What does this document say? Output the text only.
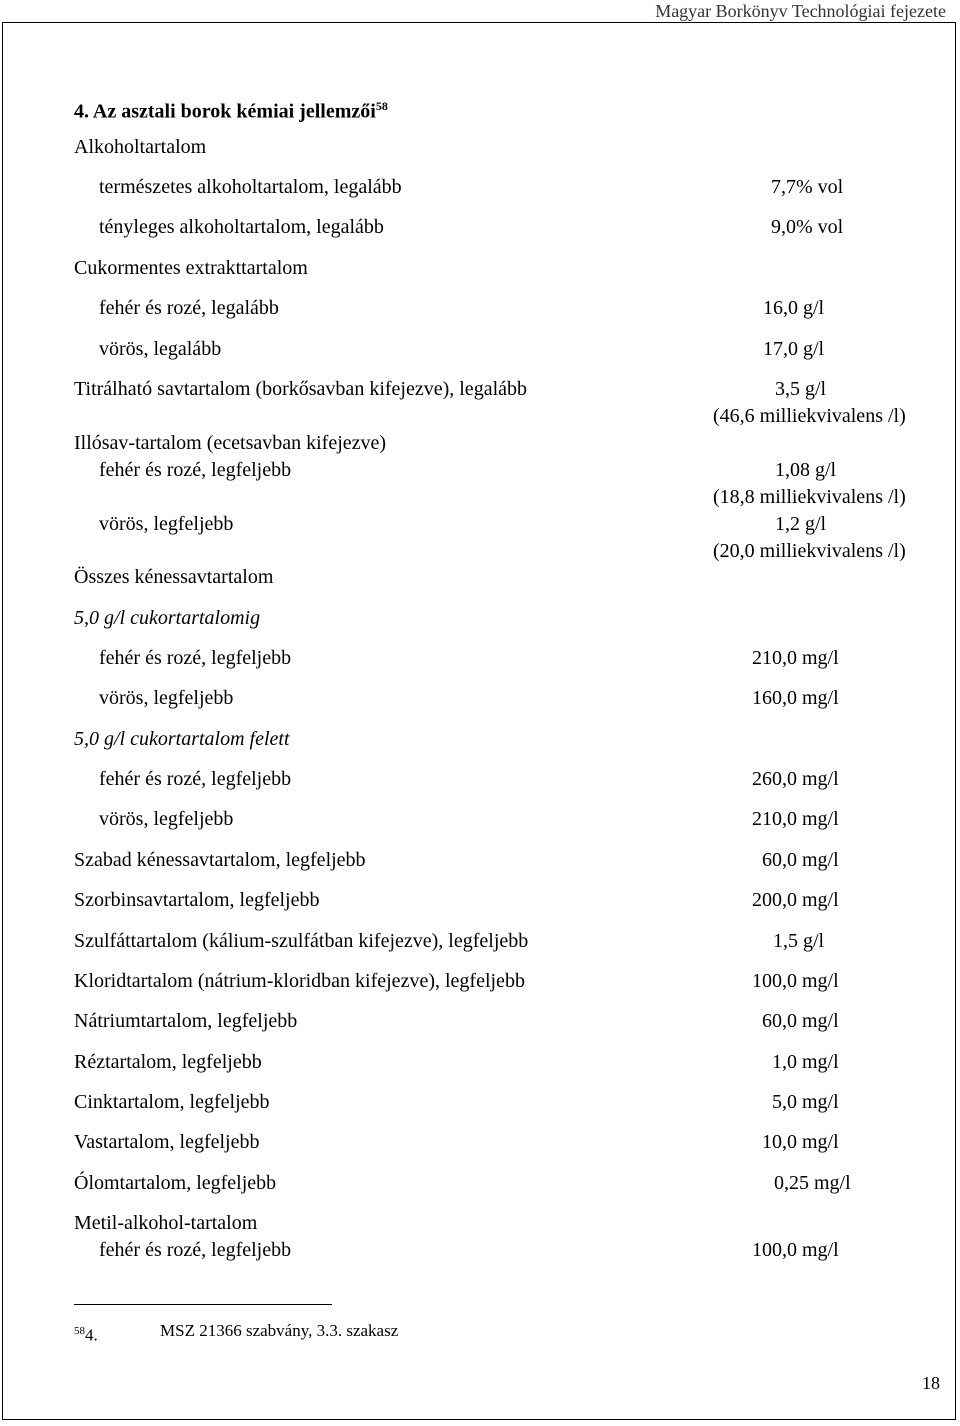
Magyar Borkönyv Technológiai fejezete
4. Az asztali borok kémiai jellemzői$^{58}$
Alkoholtartalom
természetes alkoholtartalom, legalább
tényleges alkoholtartalom, legalább
Cukormentes extrakttartalom
fehér és rozé, legalább
vörös, legalább
Titrálható savtartalom (borkősavban kifejezve), legalább
Illósav-tartalom (ecetsavban kifejezve)
fehér és rozé, legfeljebb
vörös, legfeljebb
Összes kénessavtartalom
5,0 g/l cukortartalomig
fehér és rozé, legfeljebb
vörös, legfeljebb
5,0 g/l cukortartalom felett
fehér és rozé, legfeljebb
vörös, legfeljebb
Szabad kénessavtartalom, legfeljebb
Szorbinsavtartalom, legfeljebb
Szulfáttartalom (kálium-szulfátban kifejezve), legfeljebb
Kloridtartalom (nátrium-kloridban kifejezve), legfeljebb
Nátriumtartalom, legfeljebb
Réztartalom, legfeljebb
Cinktartalom, legfeljebb
Vastartalom, legfeljebb
Ólomtartalom, legfeljebb
Metil-alkohol-tartalom
fehér és rozé, legfeljebb
7,7% vol
9,0% vol
16,0 g/l
17,0 g/l
3,5 g/l
(46,6 milliekvivalens /l)
1,08 g/l
(18,8 milliekvivalens /l)
1,2 g/l
(20,0 milliekvivalens /l)
210,0 mg/l
160,0 mg/l
260,0 mg/l
210,0 mg/l
60,0 mg/l
200,0 mg/l
1,5 g/l
100,0 mg/l
60,0 mg/l
1,0 mg/l
5,0 mg/l
10,0 mg/l
0,25 mg/l
100,0 mg/l
$^{58}$4.	MSZ 21366 szabvány, 3.3. szakasz
18
